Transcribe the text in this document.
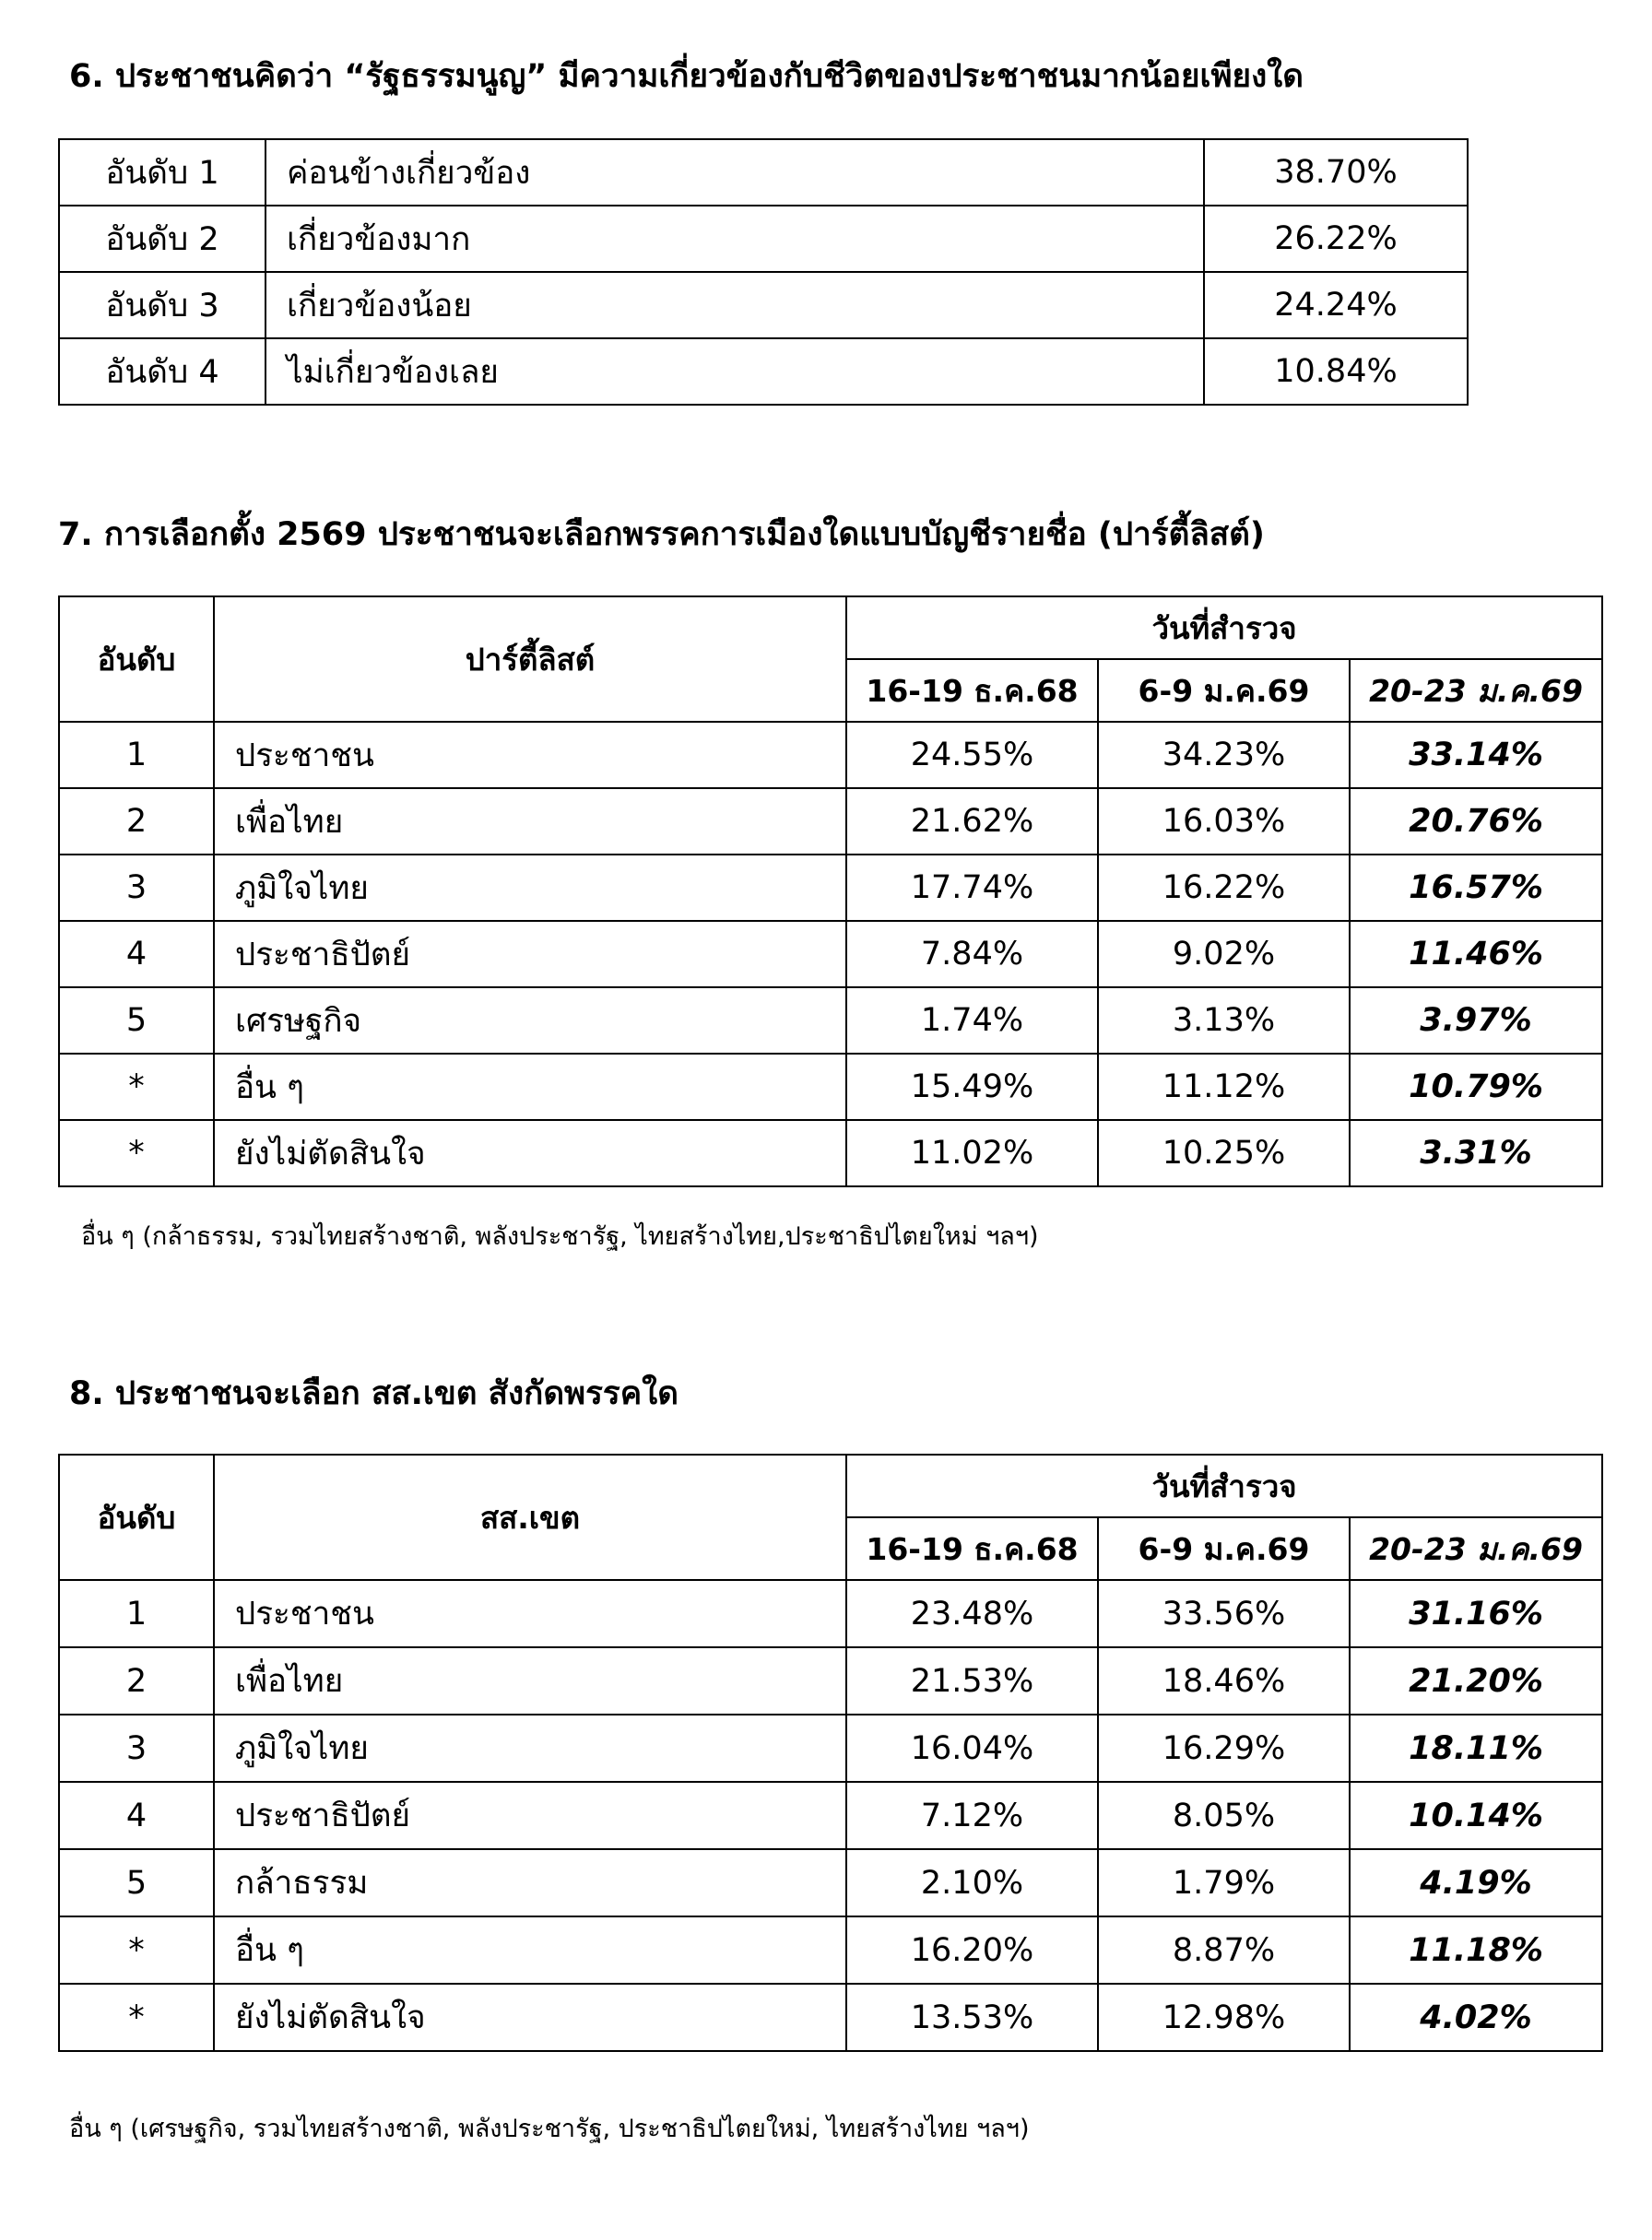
6. ประชาชนคิดว่า “รัฐธรรมนูญ” มีความเกี่ยวข้องกับชีวิตของประชาชนมากน้อยเพียงใด
อันดับ 1	ค่อนข้างเกี่ยวข้อง	38.70%
อันดับ 2	เกี่ยวข้องมาก	26.22%
อันดับ 3	เกี่ยวข้องน้อย	24.24%
อันดับ 4	ไม่เกี่ยวข้องเลย	10.84%
7. การเลือกตั้ง 2569 ประชาชนจะเลือกพรรคการเมืองใดแบบบัญชีรายชื่อ (ปาร์ตี้ลิสต์)
อันดับ	ปาร์ตี้ลิสต์	วันที่สำรวจ		
		16-19 ธ.ค.68	6-9 ม.ค.69	20-23 ม.ค.69
1	ประชาชน	24.55%	34.23%	33.14%
2	เพื่อไทย	21.62%	16.03%	20.76%
3	ภูมิใจไทย	17.74%	16.22%	16.57%
4	ประชาธิปัตย์	7.84%	9.02%	11.46%
5	เศรษฐกิจ	1.74%	3.13%	3.97%
*	อื่น ๆ	15.49%	11.12%	10.79%
*	ยังไม่ตัดสินใจ	11.02%	10.25%	3.31%

อื่น ๆ (กล้าธรรม, รวมไทยสร้างชาติ, พลังประชารัฐ, ไทยสร้างไทย,ประชาธิปไตยใหม่ ฯลฯ)

8. ประชาชนจะเลือก สส.เขต สังกัดพรรคใด
อันดับ	สส.เขต	วันที่สำรวจ		
		16-19 ธ.ค.68	6-9 ม.ค.69	20-23 ม.ค.69
1	ประชาชน	23.48%	33.56%	31.16%
2	เพื่อไทย	21.53%	18.46%	21.20%
3	ภูมิใจไทย	16.04%	16.29%	18.11%
4	ประชาธิปัตย์	7.12%	8.05%	10.14%
5	กล้าธรรม	2.10%	1.79%	4.19%
*	อื่น ๆ	16.20%	8.87%	11.18%
*	ยังไม่ตัดสินใจ	13.53%	12.98%	4.02%

อื่น ๆ (เศรษฐกิจ, รวมไทยสร้างชาติ, พลังประชารัฐ, ประชาธิปไตยใหม่, ไทยสร้างไทย ฯลฯ)
